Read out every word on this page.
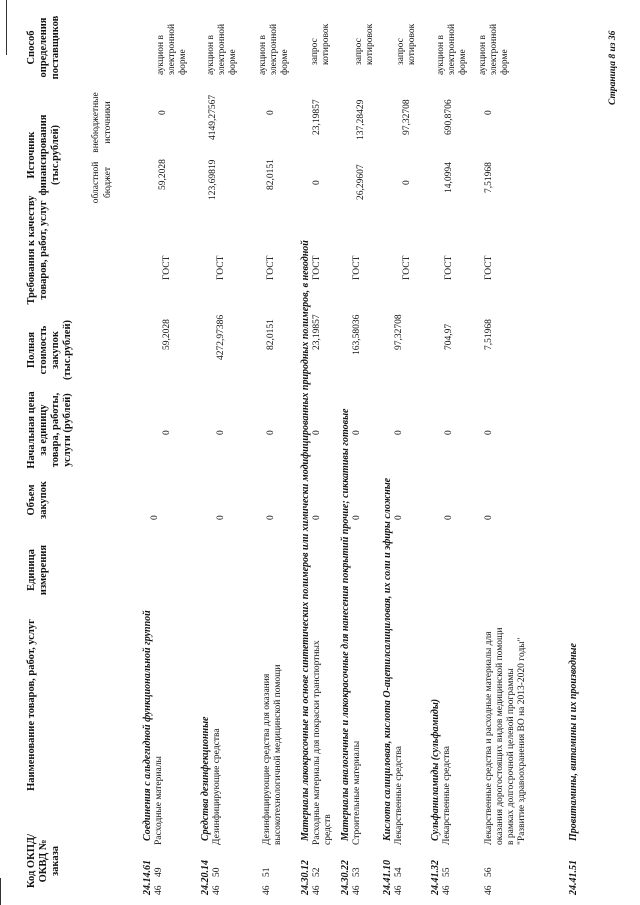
Код ОКПД/ ОКВД № заказа
Наименование товаров, работ, услуг
Единица измерения
Объем закупок
Начальная цена за единицу товара, работы, услуги (рублей)
Полная стоимость закупок (тыс.рублей)
Требования к качеству товаров, работ, услуг
Источник финансирования (тыс.рублей)	областной бюджет
внебюджетные источники
Способ определения поставщиков
24.14.61
Соединения с альдегидной функциональной группой
46
49
Расходные материалы
0
0
59,2028
ГОСТ
59,2028
0
аукцион в электронной форме
24.20.14
Средства дезинфекционные
46
50
Дезинфицирующие средства
0
0
4272,97386
ГОСТ
123,69819
4149,27567
аукцион в электронной форме
46
51
Дезинфицирующие средства для оказания высокотехнологичной медицинской помощи
0
0
82,0151
ГОСТ
82,0151
0
аукцион в электронной форме
24.30.12
Материалы лакокрасочные на основе синтетических полимеров или химически модифицированных природных полимеров, в неводной
46
52
Расходные материалы для покраски транспортных средств
0
0
23,19857
ГОСТ
0
23,19857
запрос котировок
24.30.22
Материалы аналогичные и лакокрасочные для нанесения покрытий прочие; сиккативы готовые
46
53
Строительные материалы
0
0
163,58036
ГОСТ
26,29607
137,28429
запрос котировок
24.41.10
Кислота салициловая, кислота О-ацетилсалициловая, их соли и эфиры сложные
46
54
Лекарственные средства
0
0
97,32708
ГОСТ
0
97,32708
запрос котировок
24.41.32
Сульфаниламиды (сульфамиды)
46
55
Лекарственные средства
0
0
704,97
ГОСТ
14,0994
690,8706
аукцион в электронной форме
46
56
Лекарственные средства и расходные материалы для оказания дорогостоящих видов медицинской помощи в рамках долгосрочной целевой программы "Развитие здравоохранения ВО на 2013-2020 годы"
0
0
7,51968
ГОСТ
7,51968
0
аукцион в электронной форме
24.41.51
Провитамины, витамины и их производные
Страница 8 из 36
